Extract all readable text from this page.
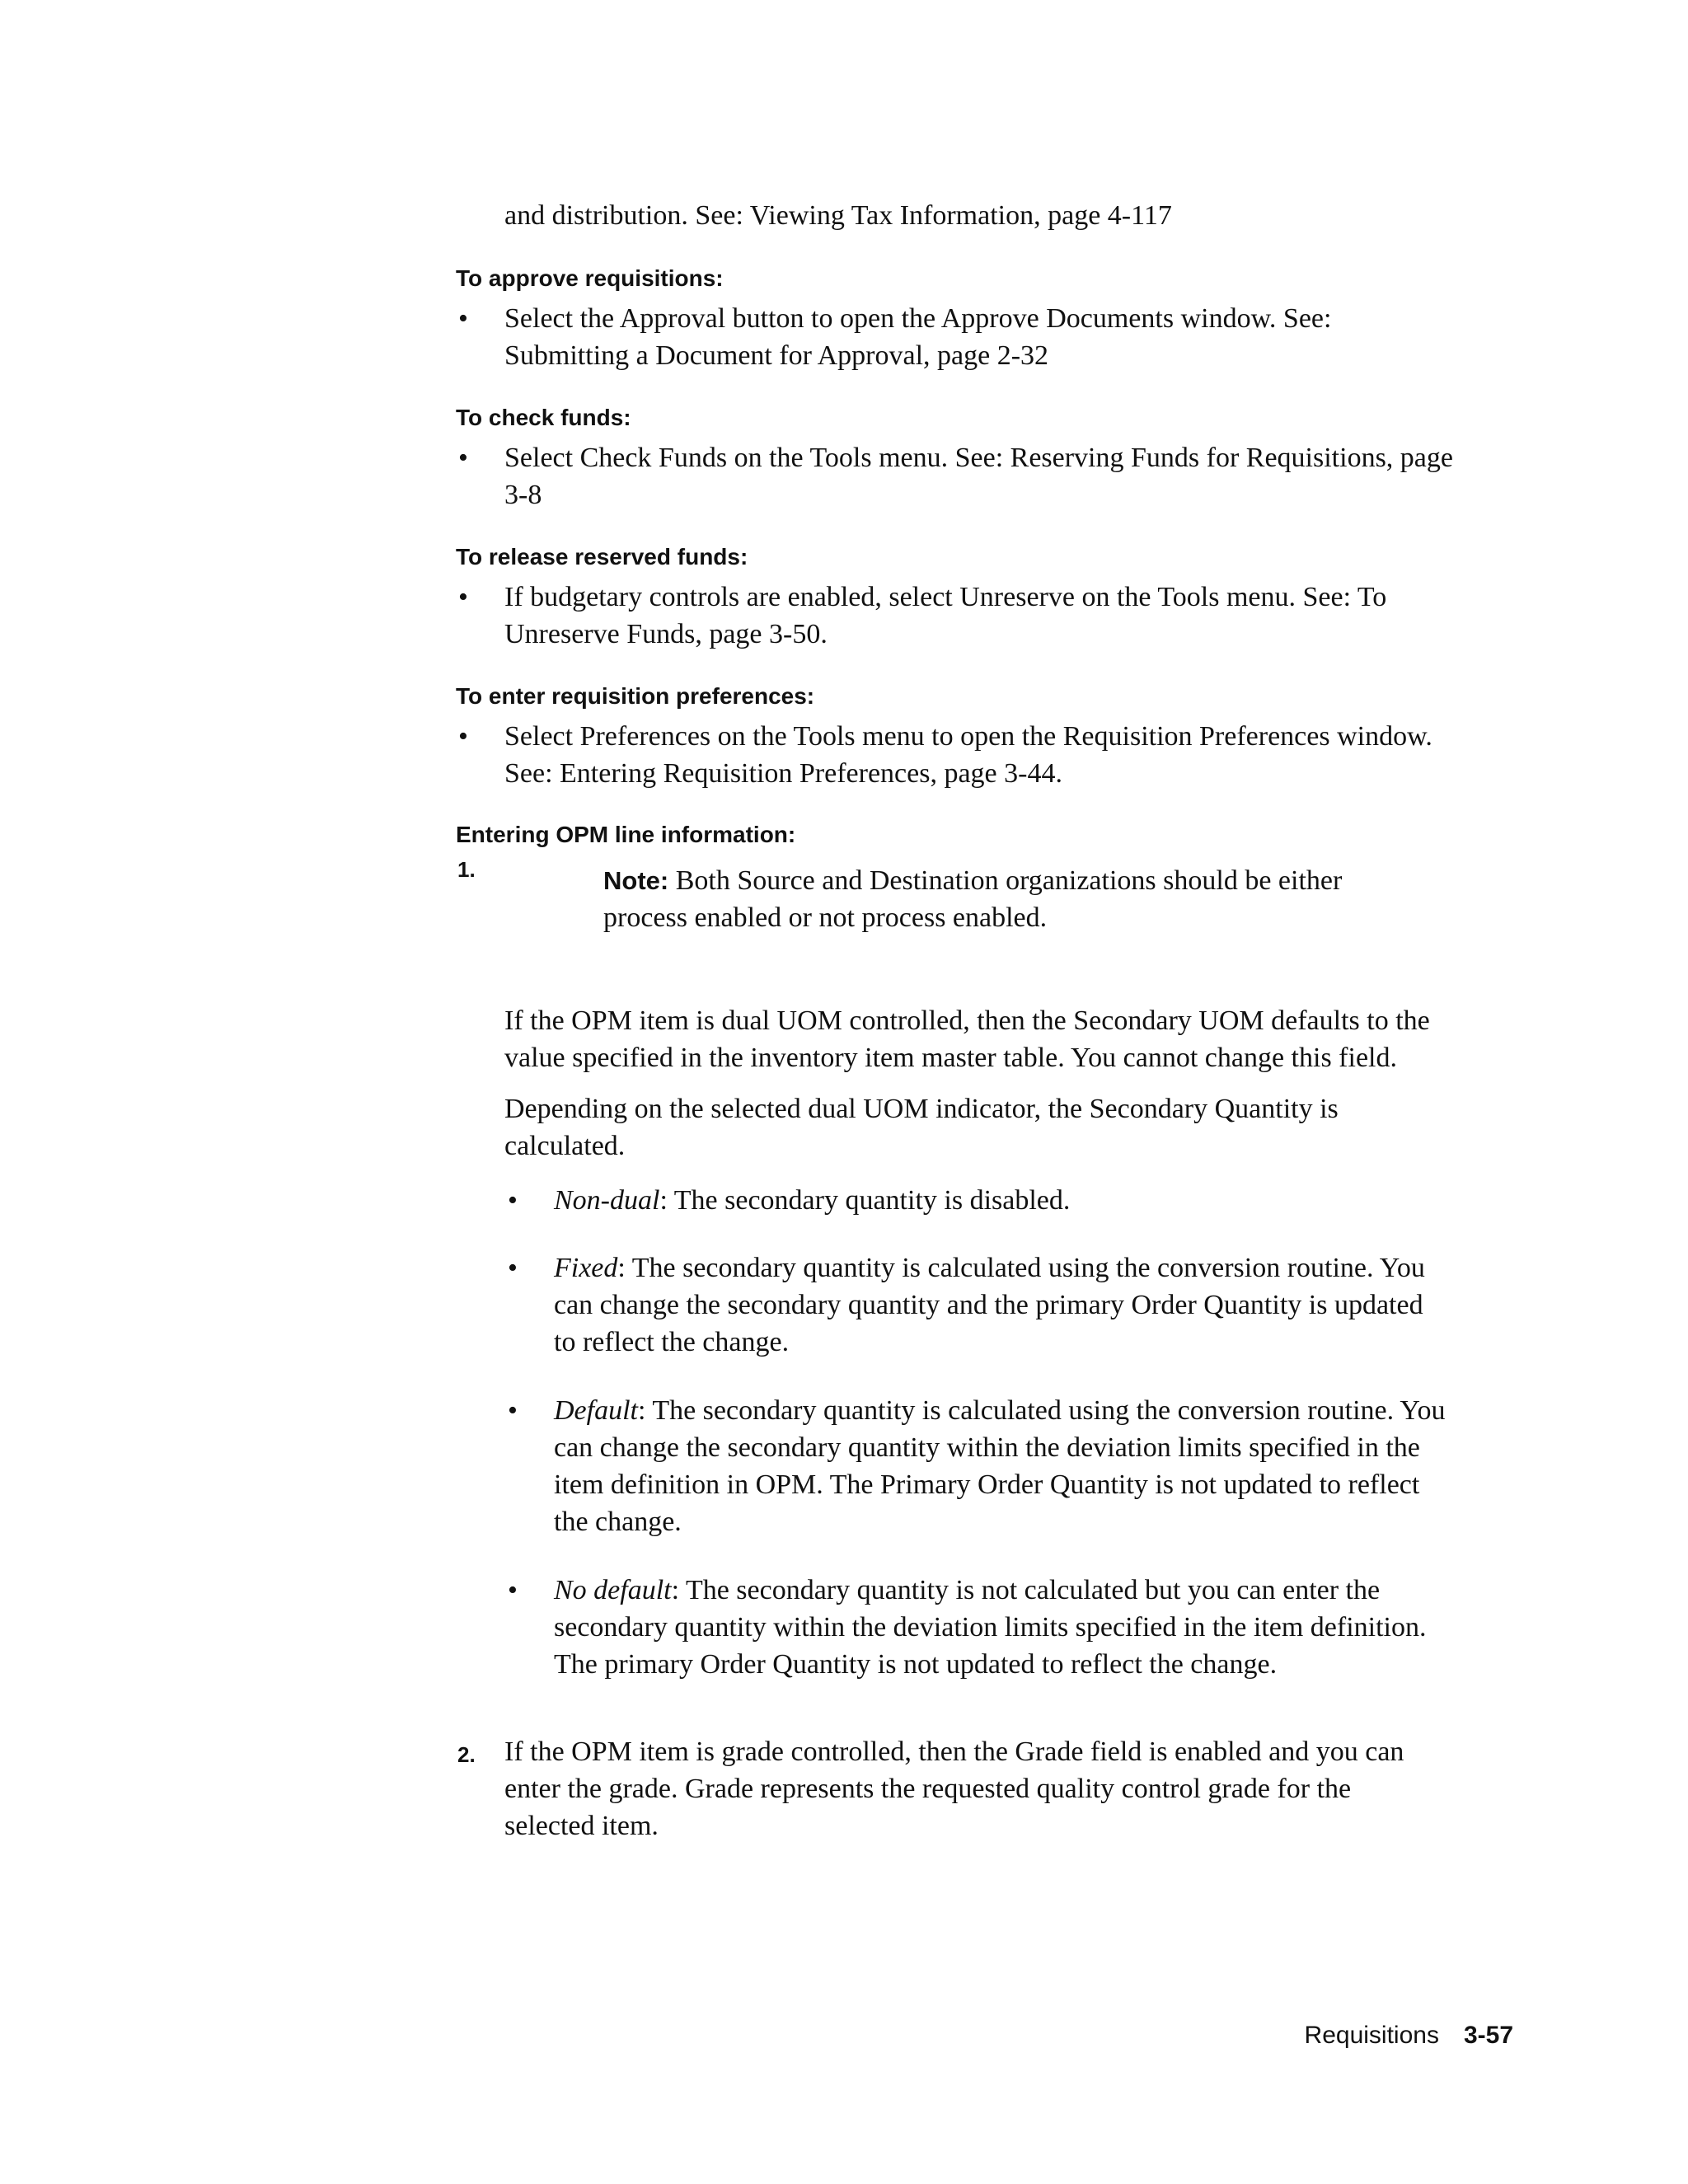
and distribution. See: Viewing Tax Information, page 4-117
To approve requisitions:
• Select the Approval button to open the Approve Documents window. See:
Submitting a Document for Approval, page 2-32
To check funds:
• Select Check Funds on the Tools menu. See: Reserving Funds for Requisitions, page
3-8
To release reserved funds:
• If budgetary controls are enabled, select Unreserve on the Tools menu. See: To
Unreserve Funds, page 3-50.
To enter requisition preferences:
• Select Preferences on the Tools menu to open the Requisition Preferences window.
See: Entering Requisition Preferences, page 3-44.
Entering OPM line information:
1.	Note: Both Source and Destination organizations should be either
process enabled or not process enabled.
If the OPM item is dual UOM controlled, then the Secondary UOM defaults to the
value specified in the inventory item master table. You cannot change this field.
Depending on the selected dual UOM indicator, the Secondary Quantity is
calculated.
• Non-dual: The secondary quantity is disabled.
• Fixed: The secondary quantity is calculated using the conversion routine. You
can change the secondary quantity and the primary Order Quantity is updated
to reflect the change.
• Default: The secondary quantity is calculated using the conversion routine. You
can change the secondary quantity within the deviation limits specified in the
item definition in OPM. The Primary Order Quantity is not updated to reflect
the change.
• No default: The secondary quantity is not calculated but you can enter the
secondary quantity within the deviation limits specified in the item definition.
The primary Order Quantity is not updated to reflect the change.
2. If the OPM item is grade controlled, then the Grade field is enabled and you can
enter the grade. Grade represents the requested quality control grade for the
selected item.
Requisitions 3-57
